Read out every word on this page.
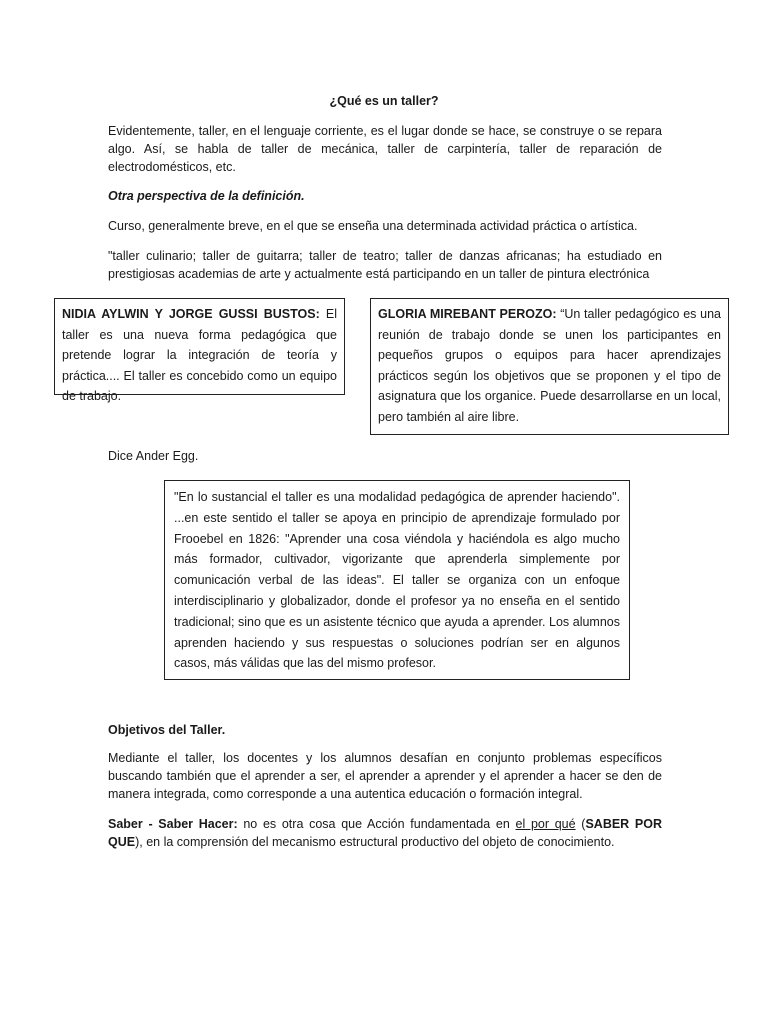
¿Qué es un taller?
Evidentemente, taller, en el lenguaje corriente, es el lugar donde se hace, se construye o se repara algo. Así, se habla de taller de mecánica, taller de carpintería, taller de reparación de electrodomésticos, etc.
Otra perspectiva de la definición.
Curso, generalmente breve, en el que se enseña una determinada actividad práctica o artística.
"taller culinario; taller de guitarra; taller de teatro; taller de danzas africanas; ha estudiado en prestigiosas academias de arte y actualmente está participando en un taller de pintura electrónica
NIDIA AYLWIN Y JORGE GUSSI BUSTOS: El taller es una nueva forma pedagógica que pretende lograr la integración de teoría y práctica.... El taller es concebido como un equipo de trabajo.
GLORIA MIREBANT PEROZO: “Un taller pedagógico es una reunión de trabajo donde se unen los participantes en pequeños grupos o equipos para hacer aprendizajes prácticos según los objetivos que se proponen y el tipo de asignatura que los organice. Puede desarrollarse en un local, pero también al aire libre.
Dice Ander Egg.
"En lo sustancial el taller es una modalidad pedagógica de aprender haciendo". ...en este sentido el taller se apoya en principio de aprendizaje formulado por Frooebel en 1826: "Aprender una cosa viéndola y haciéndola es algo mucho más formador, cultivador, vigorizante que aprenderla simplemente por comunicación verbal de las ideas". El taller se organiza con un enfoque interdisciplinario y globalizador, donde el profesor ya no enseña en el sentido tradicional; sino que es un asistente técnico que ayuda a aprender. Los alumnos aprenden haciendo y sus respuestas o soluciones podrían ser en algunos casos, más válidas que las del mismo profesor.
Objetivos del Taller.
Mediante el taller, los docentes y los alumnos desafían en conjunto problemas específicos buscando también que el aprender a ser, el aprender a aprender y el aprender a hacer se den de manera integrada, como corresponde a una autentica educación o formación integral.
Saber - Saber Hacer: no es otra cosa que Acción fundamentada en el por qué (SABER POR QUE), en la comprensión del mecanismo estructural productivo del objeto de conocimiento.
